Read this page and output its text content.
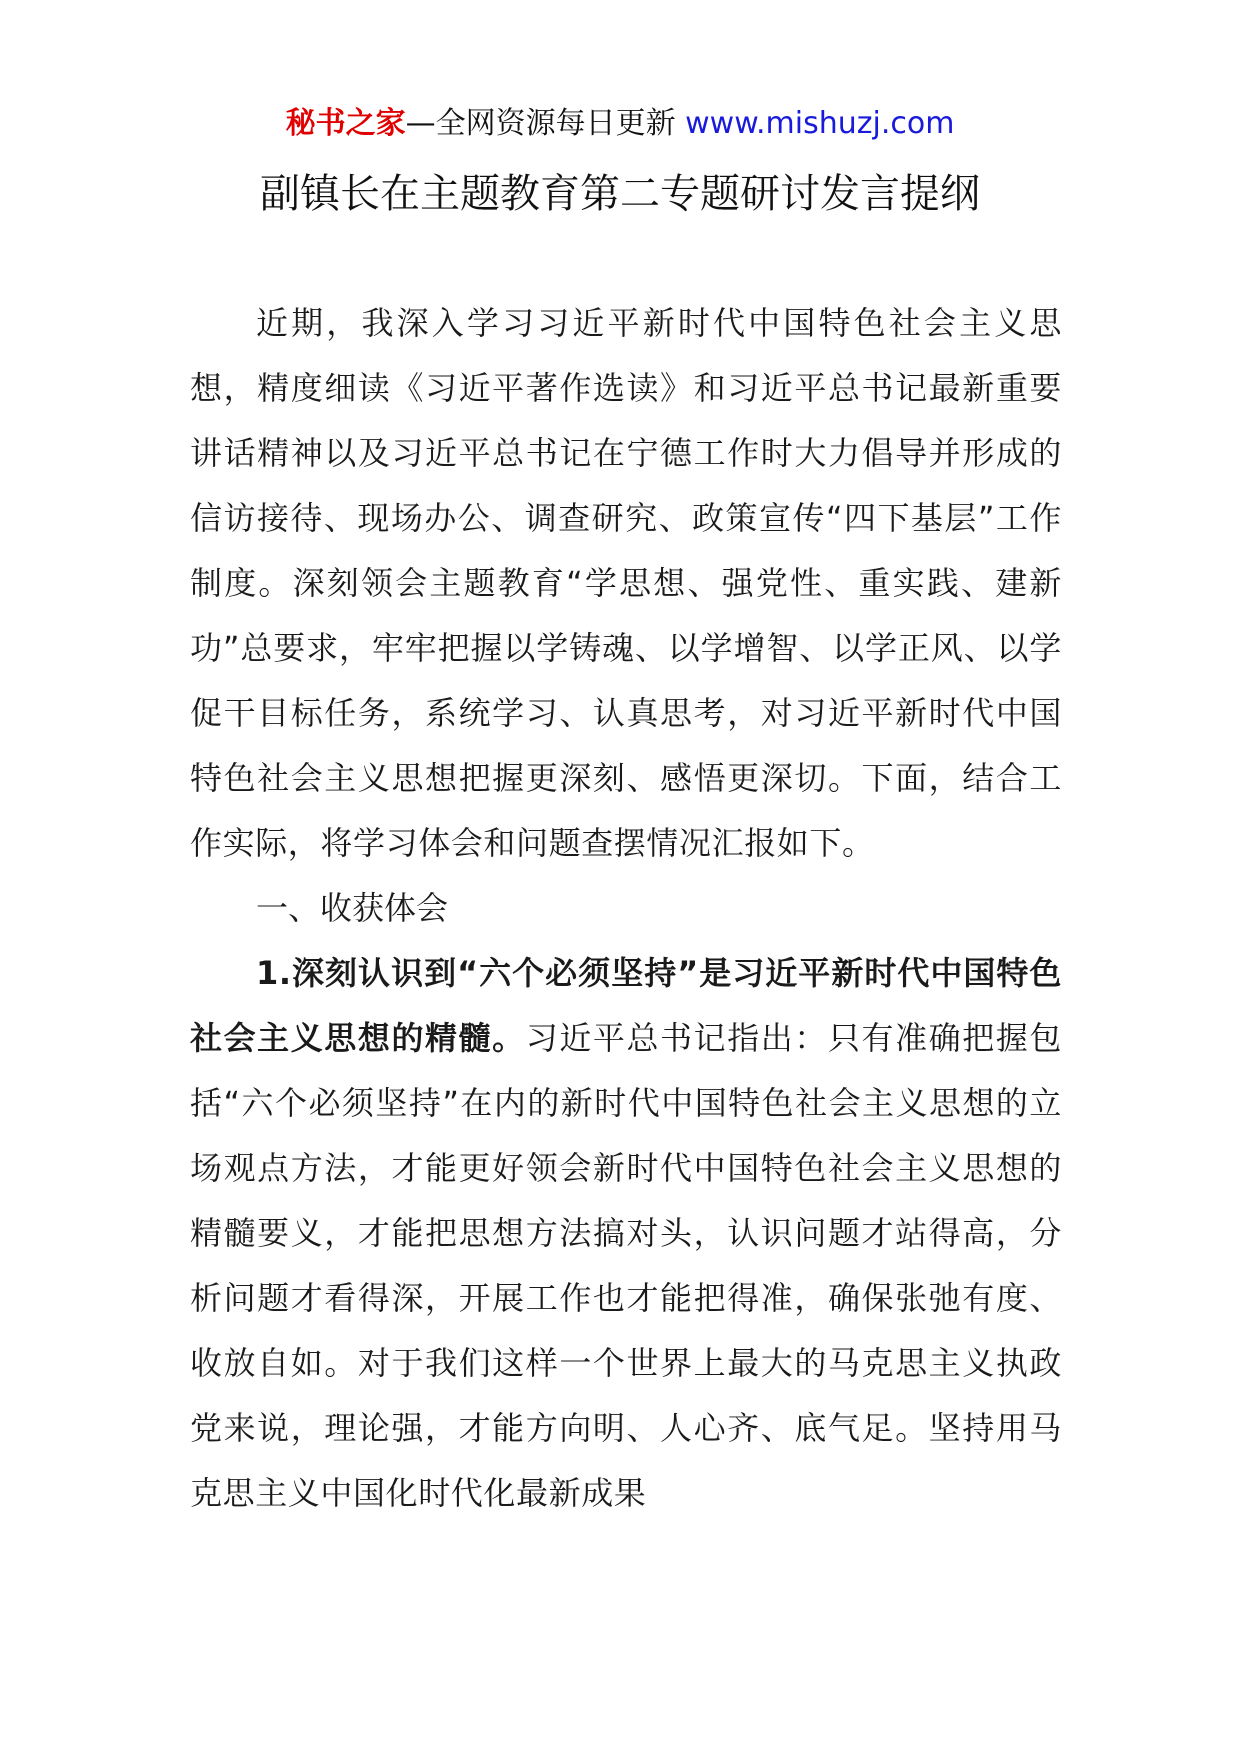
秘书之家—全网资源每日更新 www.mishuzj.com
副镇长在主题教育第二专题研讨发言提纲

近期，我深入学习习近平新时代中国特色社会主义思想，精度细读《习近平著作选读》和习近平总书记最新重要讲话精神以及习近平总书记在宁德工作时大力倡导并形成的信访接待、现场办公、调查研究、政策宣传“四下基层”工作制度。深刻领会主题教育“学思想、强党性、重实践、建新功”总要求，牢牢把握以学铸魂、以学增智、以学正风、以学促干目标任务，系统学习、认真思考，对习近平新时代中国特色社会主义思想把握更深刻、感悟更深切。下面，结合工作实际，将学习体会和问题查摆情况汇报如下。

一、收获体会

1.深刻认识到“六个必须坚持”是习近平新时代中国特色社会主义思想的精髓。习近平总书记指出：只有准确把握包括“六个必须坚持”在内的新时代中国特色社会主义思想的立场观点方法，才能更好领会新时代中国特色社会主义思想的精髓要义，才能把思想方法搞对头，认识问题才站得高，分析问题才看得深，开展工作也才能把得准，确保张弛有度、收放自如。对于我们这样一个世界上最大的马克思主义执政党来说，理论强，才能方向明、人心齐、底气足。坚持用马克思主义中国化时代化最新成果
